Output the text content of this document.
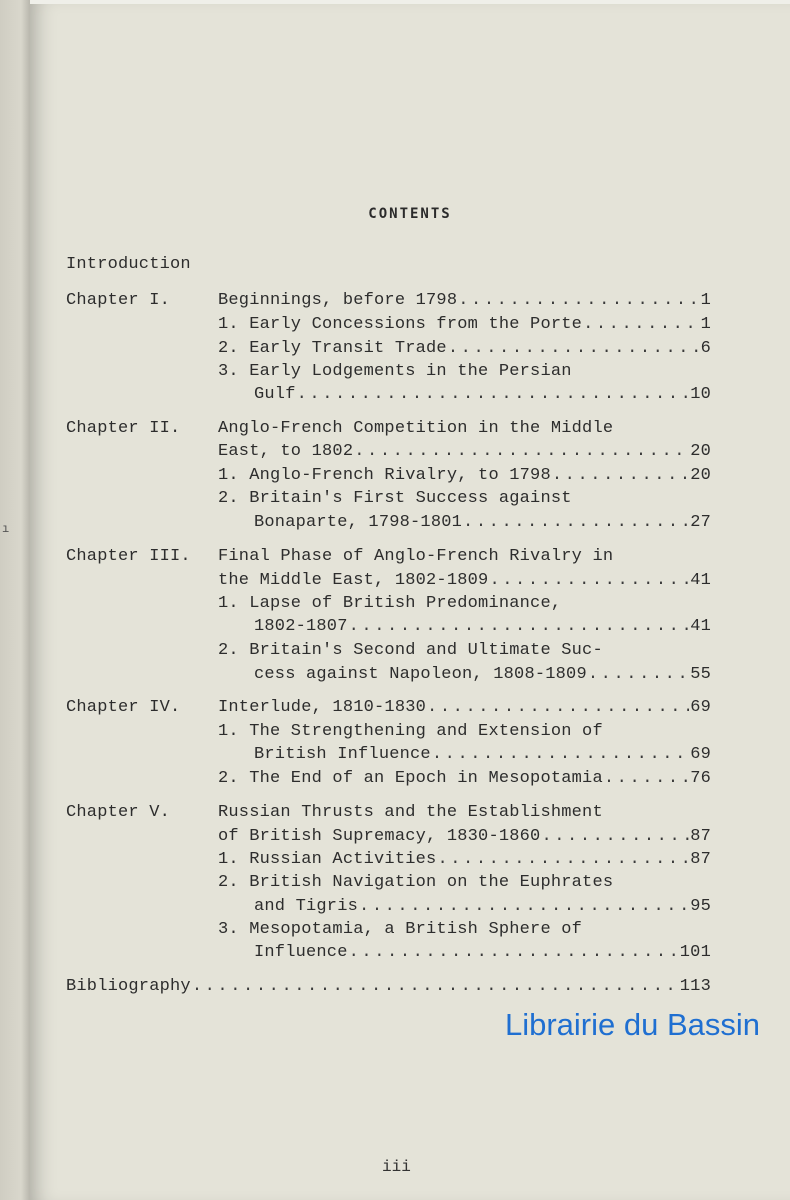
ı
CONTENTS
Introduction
Chapter I.	Beginnings, before 1798 .....	1
1. Early Concessions from the Porte .....	1
2. Early Transit Trade .....	6
3. Early Lodgements in the Persian
Gulf .....	10
Chapter II. Anglo-French Competition in the Middle
East, to 1802 .....	20
1. Anglo-French Rivalry, to 1798 .....	20
2. Britain's First Success against
Bonaparte, 1798-1801 .....	27
Chapter III. Final Phase of Anglo-French Rivalry in
the Middle East, 1802-1809 .....	41
1. Lapse of British Predominance,
1802-1807 .....	41
2. Britain's Second and Ultimate Suc-
cess against Napoleon, 1808-1809 .....	55
Chapter IV. Interlude, 1810-1830 .....	69
1. The Strengthening and Extension of
British Influence .....	69
2. The End of an Epoch in Mesopotamia .....	76
Chapter V.	Russian Thrusts and the Establishment
of British Supremacy, 1830-1860 .....	87
1. Russian Activities .....	87
2. British Navigation on the Euphrates
and Tigris .....	95
3. Mesopotamia, a British Sphere of
Influence .....	101
Bibliography .....	113
Librairie du Bassin
iii
